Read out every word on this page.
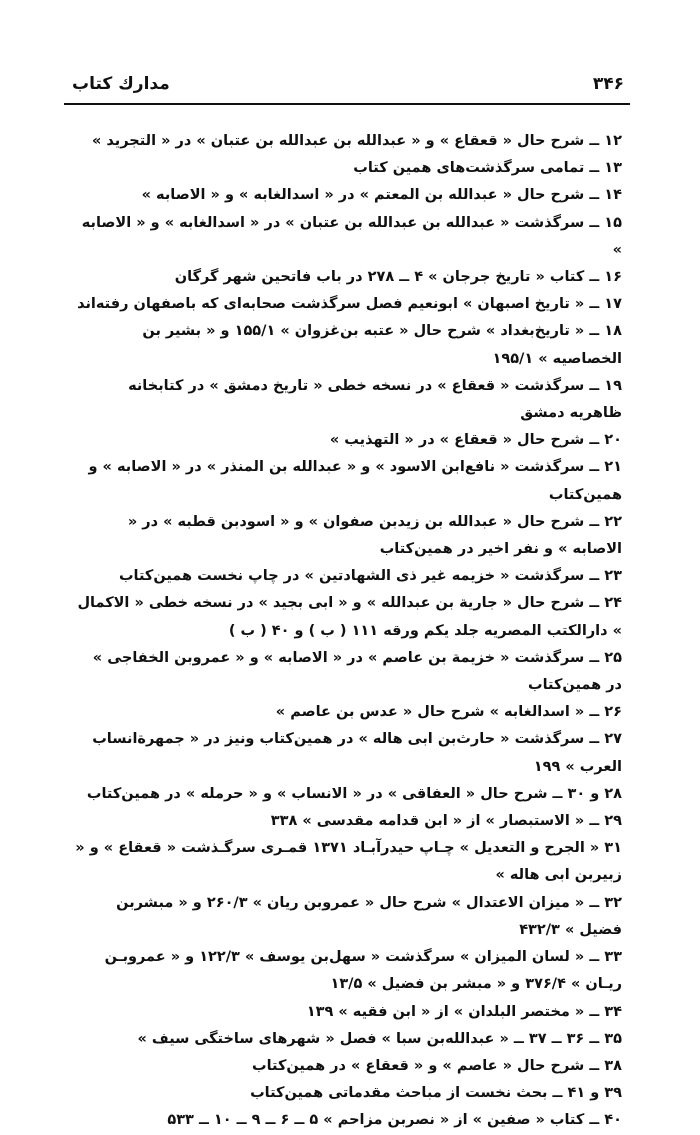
۳۴۶
مدارك كتاب

۱۲ ــ شرح حال « قعقاع » و « عبدالله بن عبدالله بن عتبان » در « التجريد »

۱۳ ــ تمامی سرگذشت‌های همین کتاب

۱۴ ــ شرح حال « عبدالله بن المعتم » در « اسدالغابه » و « الاصابه »

۱۵ ــ سرگذشت « عبدالله بن عبدالله بن عتبان » در « اسدالغابه » و « الاصابه »

۱۶ ــ کتاب « تاریخ جرجان » ۴ ــ ۲۷۸ در باب فاتحین شهر گرگان

۱۷ ــ « تاریخ اصبهان » ابونعیم فصل سرگذشت صحابه‌ای که باصفهان رفته‌اند

۱۸ ــ « تاریخ‌بغداد » شرح حال « عتبه بن‌غزوان » ۱۵۵/۱ و « بشیر بن الخصاصیه » ۱۹۵/۱

۱۹ ــ سرگذشت « قعقاع » در نسخه خطی « تاریخ دمشق » در کتابخانه ظاهریه دمشق

۲۰ ــ شرح حال « قعقاع » در « التهذیب »

۲۱ ــ سرگذشت « نافع‌ابن الاسود » و « عبدالله بن المنذر » در « الاصابه » و همین‌کتاب

۲۲ ــ شرح حال « عبدالله بن زیدبن صفوان » و « اسودبن قطبه » در « الاصابه » و نفر اخیر در همین‌کتاب

۲۳ ــ سرگذشت « خزیمه غیر ذی الشهادتین » در چاپ نخست همین‌کتاب

۲۴ ــ شرح حال « جاریة بن عبدالله » و « ابی بجید » در نسخه خطی « الاکمال » دارالکتب المصریه جلد یکم ورقه ۱۱۱ ( ب ) و ۴۰ ( ب )

۲۵ ــ سرگذشت « خزیمة بن عاصم » در « الاصابه » و « عمروبن الخفاجی » در همین‌کتاب

۲۶ ــ « اسدالغابه » شرح حال « عدس بن عاصم »

۲۷ ــ سرگذشت « حارث‌بن ابی هاله » در همین‌کتاب ونیز در « جمهرة‌انساب العرب » ۱۹۹

۲۸ و ۳۰ ــ شرح حال « العفاقی » در « الانساب » و « حرمله » در همین‌کتاب

۲۹ ــ « الاستبصار » از « ابن قدامه مقدسی » ۳۳۸

۳۱ « الجرح و التعدیل » چـاپ حیدرآبـاد ۱۳۷۱ قمـری سرگـذشت « قعقاع » و « زبیربن ابی هاله »

۳۲ ــ « میزان الاعتدال » شرح حال « عمروبن ریان » ۲۶۰/۳ و « مبشربن فضیل » ۴۳۲/۳

۳۳ ــ « لسان المیزان » سرگذشت « سهل‌بن یوسف » ۱۲۲/۳ و « عمروبـن ریـان » ۳۷۶/۴ و « مبشر بن فضیل » ۱۳/۵

۳۴ ــ « مختصر البلدان » از « ابن فقیه » ۱۳۹

۳۵ ــ ۳۶ ــ ۳۷ ــ « عبدالله‌بن سبا » فصل « شهرهای ساختگی سیف »

۳۸ ــ شرح حال « عاصم » و « قعقاع » در همین‌کتاب

۳۹ و ۴۱ ــ بحث نخست از مباحث مقدماتی همین‌کتاب

۴۰ ــ کتاب « صفین » از « نصربن مزاحم » ۵ ــ ۶ ــ ۹ ــ ۱۰ ــ ۵۳۳
